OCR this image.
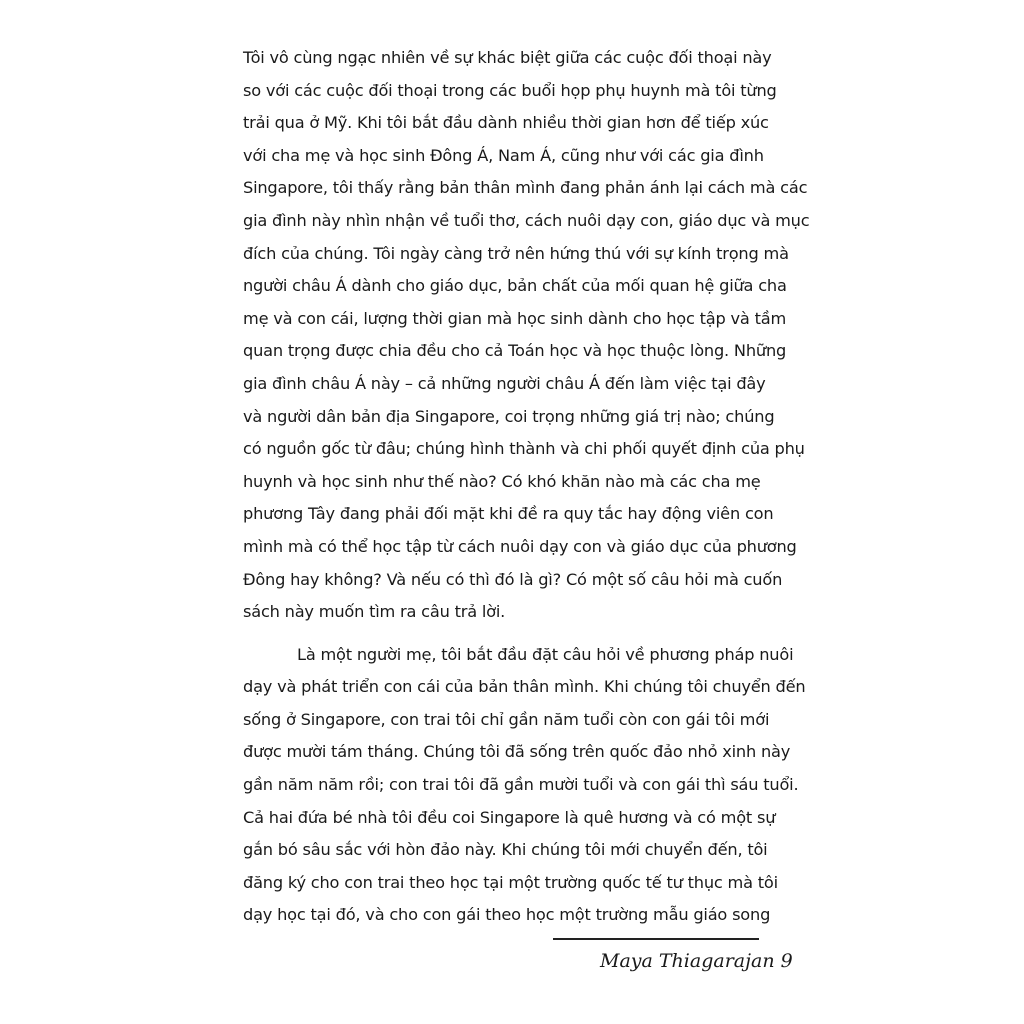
Tôi vô cùng ngạc nhiên về sự khác biệt giữa các cuộc đối thoại này
so với các cuộc đối thoại trong các buổi họp phụ huynh mà tôi từng
trải qua ở Mỹ. Khi tôi bắt đầu dành nhiều thời gian hơn để tiếp xúc
với cha mẹ và học sinh Đông Á, Nam Á, cũng như với các gia đình
Singapore, tôi thấy rằng bản thân mình đang phản ánh lại cách mà các
gia đình này nhìn nhận về tuổi thơ, cách nuôi dạy con, giáo dục và mục
đích của chúng. Tôi ngày càng trở nên hứng thú với sự kính trọng mà
người châu Á dành cho giáo dục, bản chất của mối quan hệ giữa cha
mẹ và con cái, lượng thời gian mà học sinh dành cho học tập và tầm
quan trọng được chia đều cho cả Toán học và học thuộc lòng. Những
gia đình châu Á này – cả những người châu Á đến làm việc tại đây
và người dân bản địa Singapore, coi trọng những giá trị nào; chúng
có nguồn gốc từ đâu; chúng hình thành và chi phối quyết định của phụ
huynh và học sinh như thế nào? Có khó khăn nào mà các cha mẹ
phương Tây đang phải đối mặt khi đề ra quy tắc hay động viên con
mình mà có thể học tập từ cách nuôi dạy con và giáo dục của phương
Đông hay không? Và nếu có thì đó là gì? Có một số câu hỏi mà cuốn
sách này muốn tìm ra câu trả lời.
Là một người mẹ, tôi bắt đầu đặt câu hỏi về phương pháp nuôi
dạy và phát triển con cái của bản thân mình. Khi chúng tôi chuyển đến
sống ở Singapore, con trai tôi chỉ gần năm tuổi còn con gái tôi mới
được mười tám tháng. Chúng tôi đã sống trên quốc đảo nhỏ xinh này
gần năm năm rồi; con trai tôi đã gần mười tuổi và con gái thì sáu tuổi.
Cả hai đứa bé nhà tôi đều coi Singapore là quê hương và có một sự
gắn bó sâu sắc với hòn đảo này. Khi chúng tôi mới chuyển đến, tôi
đăng ký cho con trai theo học tại một trường quốc tế tư thục mà tôi
dạy học tại đó, và cho con gái theo học một trường mẫu giáo song
Maya Thiagarajan 9
